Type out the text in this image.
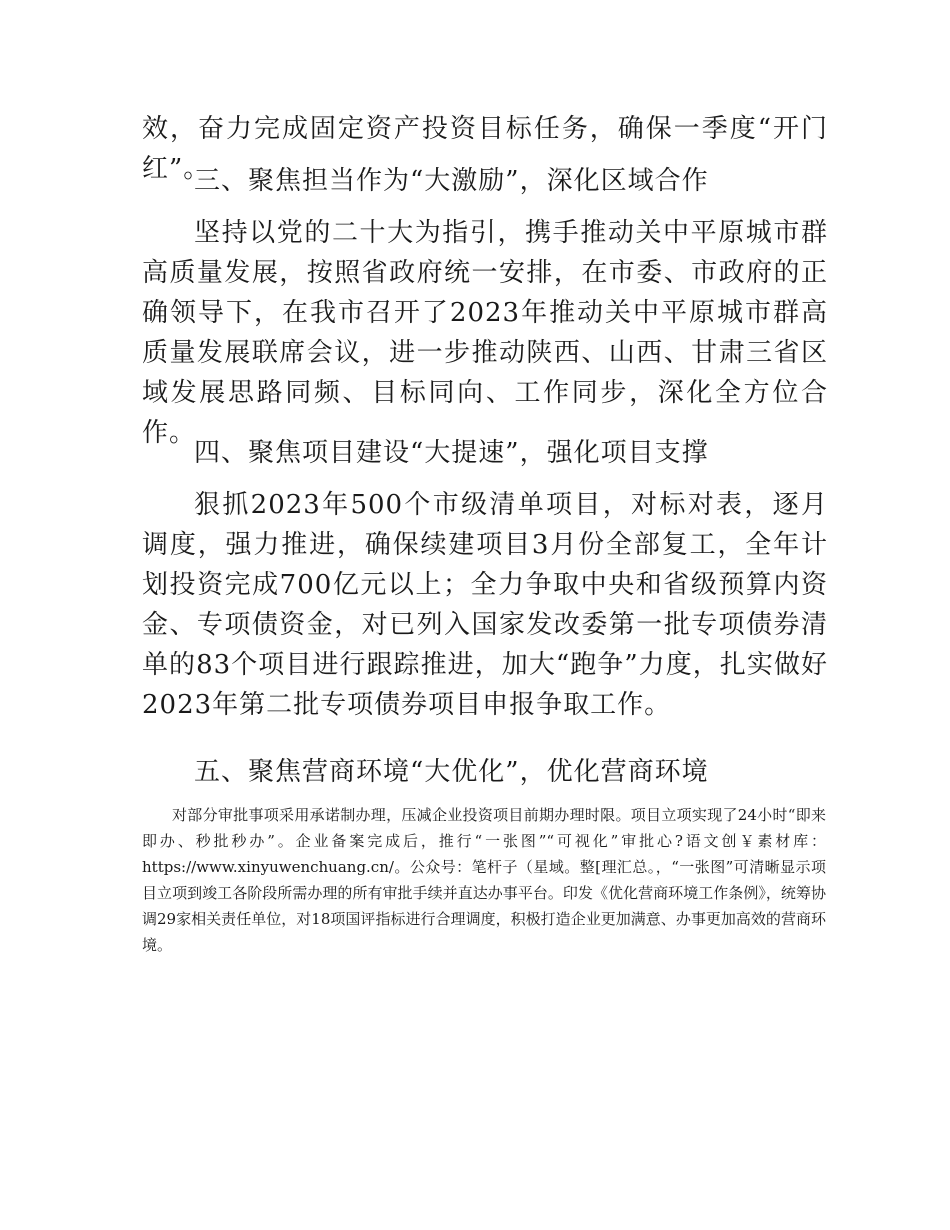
效，奋力完成固定资产投资目标任务，确保一季度“开门红”。

三、聚焦担当作为“大激励”，深化区域合作

坚持以党的二十大为指引，携手推动关中平原城市群高质量发展，按照省政府统一安排，在市委、市政府的正确领导下，在我市召开了2023年推动关中平原城市群高质量发展联席会议，进一步推动陕西、山西、甘肃三省区域发展思路同频、目标同向、工作同步，深化全方位合作。

四、聚焦项目建设“大提速”，强化项目支撑

狠抓2023年500个市级清单项目，对标对表，逐月调度，强力推进，确保续建项目3月份全部复工，全年计划投资完成700亿元以上；全力争取中央和省级预算内资金、专项债资金，对已列入国家发改委第一批专项债券清单的83个项目进行跟踪推进，加大“跑争”力度，扎实做好2023年第二批专项债券项目申报争取工作。

五、聚焦营商环境“大优化”，优化营商环境

对部分审批事项采用承诺制办理，压减企业投资项目前期办理时限。项目立项实现了24小时“即来即办、秒批秒办”。企业备案完成后，推行“一张图”“可视化”审批心?语文创￥素材库：https://www.xinyuwenchuang.cn/。公众号：笔杆子（星域。整[理汇总。，“一张图”可清晰显示项目立项到竣工各阶段所需办理的所有审批手续并直达办事平台。印发《优化营商环境工作条例》，统筹协调29家相关责任单位，对18项国评指标进行合理调度，积极打造企业更加满意、办事更加高效的营商环境。
